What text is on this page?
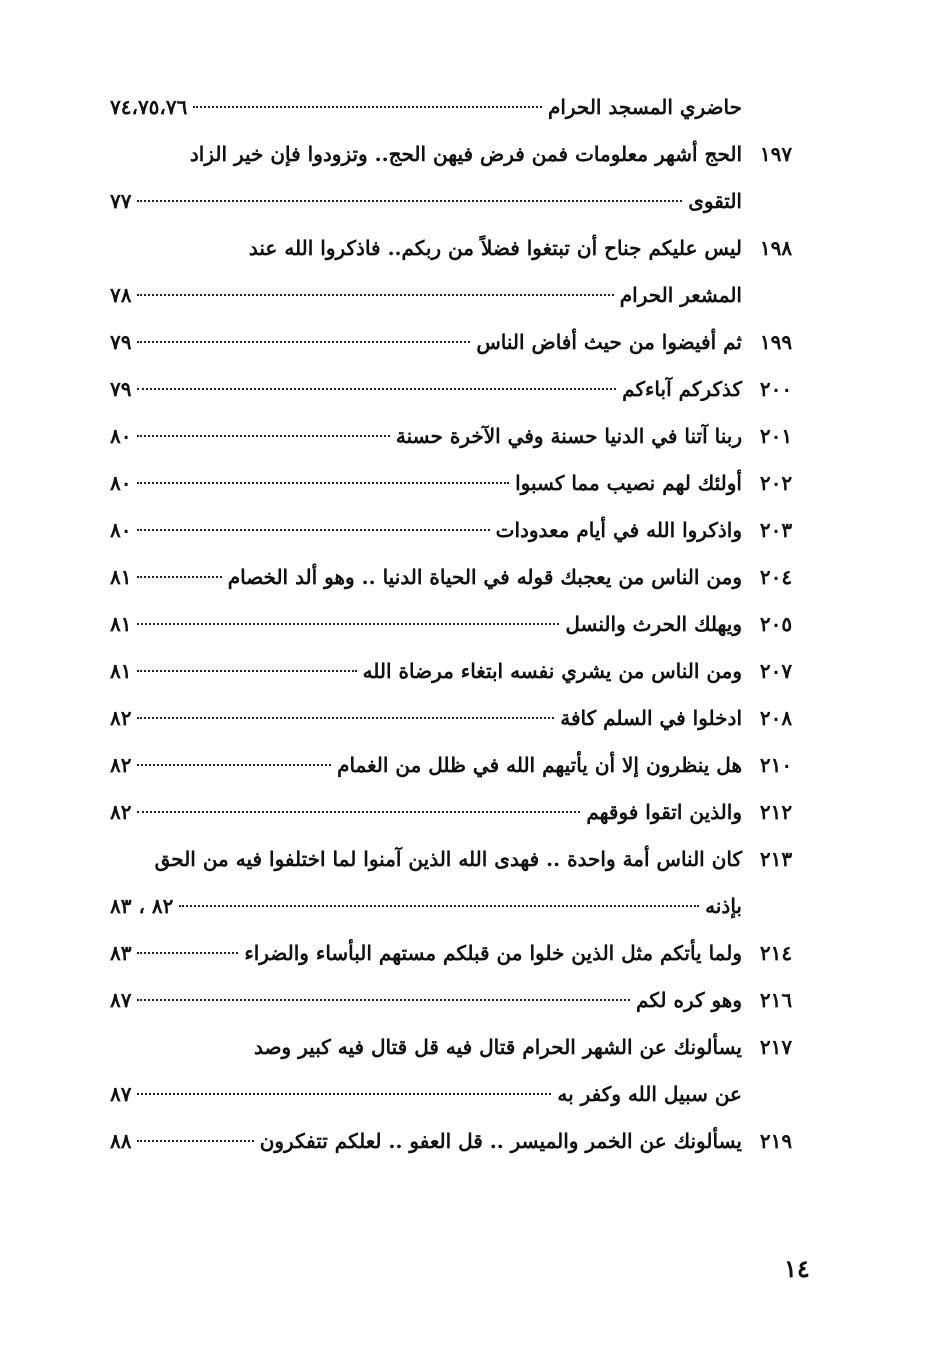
حاضري المسجد الحرام
٧٤،٧٥،٧٦
١٩٧
الحج أشهر معلومات فمن فرض فيهن الحج.. وتزودوا فإن خير الزاد
التقوى
٧٧
١٩٨
ليس عليكم جناح أن تبتغوا فضلاً من ربكم.. فاذكروا الله عند
المشعر الحرام
٧٨
١٩٩
ثم أفيضوا من حيث أفاض الناس
٧٩
٢٠٠
كذكركم آباءكم
٧٩
٢٠١
ربنا آتنا في الدنيا حسنة وفي الآخرة حسنة
٨٠
٢٠٢
أولئك لهم نصيب مما كسبوا
٨٠
٢٠٣
واذكروا الله في أيام معدودات
٨٠
٢٠٤
ومن الناس من يعجبك قوله في الحياة الدنيا .. وهو ألد الخصام
٨١
٢٠٥
ويهلك الحرث والنسل
٨١
٢٠٧
ومن الناس من يشري نفسه ابتغاء مرضاة الله
٨١
٢٠٨
ادخلوا في السلم كافة
٨٢
٢١٠
هل ينظرون إلا أن يأتيهم الله في ظلل من الغمام
٨٢
٢١٢
والذين اتقوا فوقهم
٨٢
٢١٣
كان الناس أمة واحدة .. فهدى الله الذين آمنوا لما اختلفوا فيه من الحق
بإذنه
٨٢ ، ٨٣
٢١٤
ولما يأتكم مثل الذين خلوا من قبلكم مستهم البأساء والضراء
٨٣
٢١٦
وهو كره لكم
٨٧
٢١٧
يسألونك عن الشهر الحرام قتال فيه قل قتال فيه كبير وصد
عن سبيل الله وكفر به
٨٧
٢١٩
يسألونك عن الخمر والميسر .. قل العفو .. لعلكم تتفكرون
٨٨
١٤
